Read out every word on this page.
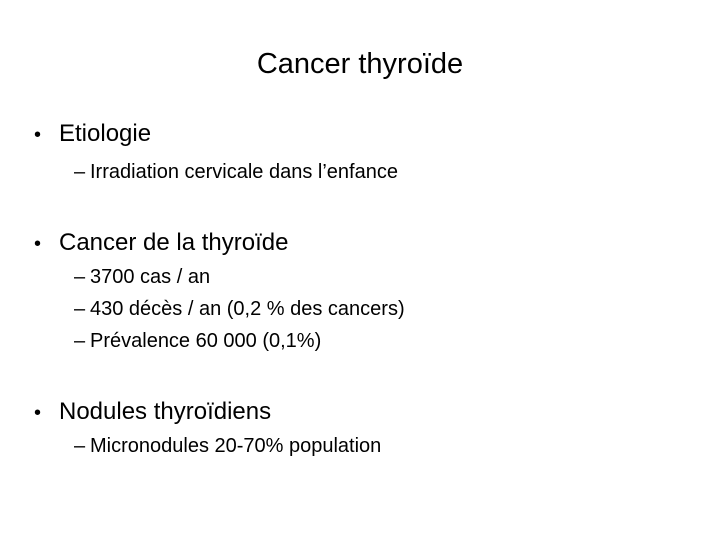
Cancer thyroïde
• Etiologie
– Irradiation cervicale dans l’enfance
• Cancer de la thyroïde
– 3700 cas / an
– 430 décès / an (0,2 % des cancers)
– Prévalence 60 000 (0,1%)
• Nodules thyroïdiens
– Micronodules 20-70% population
